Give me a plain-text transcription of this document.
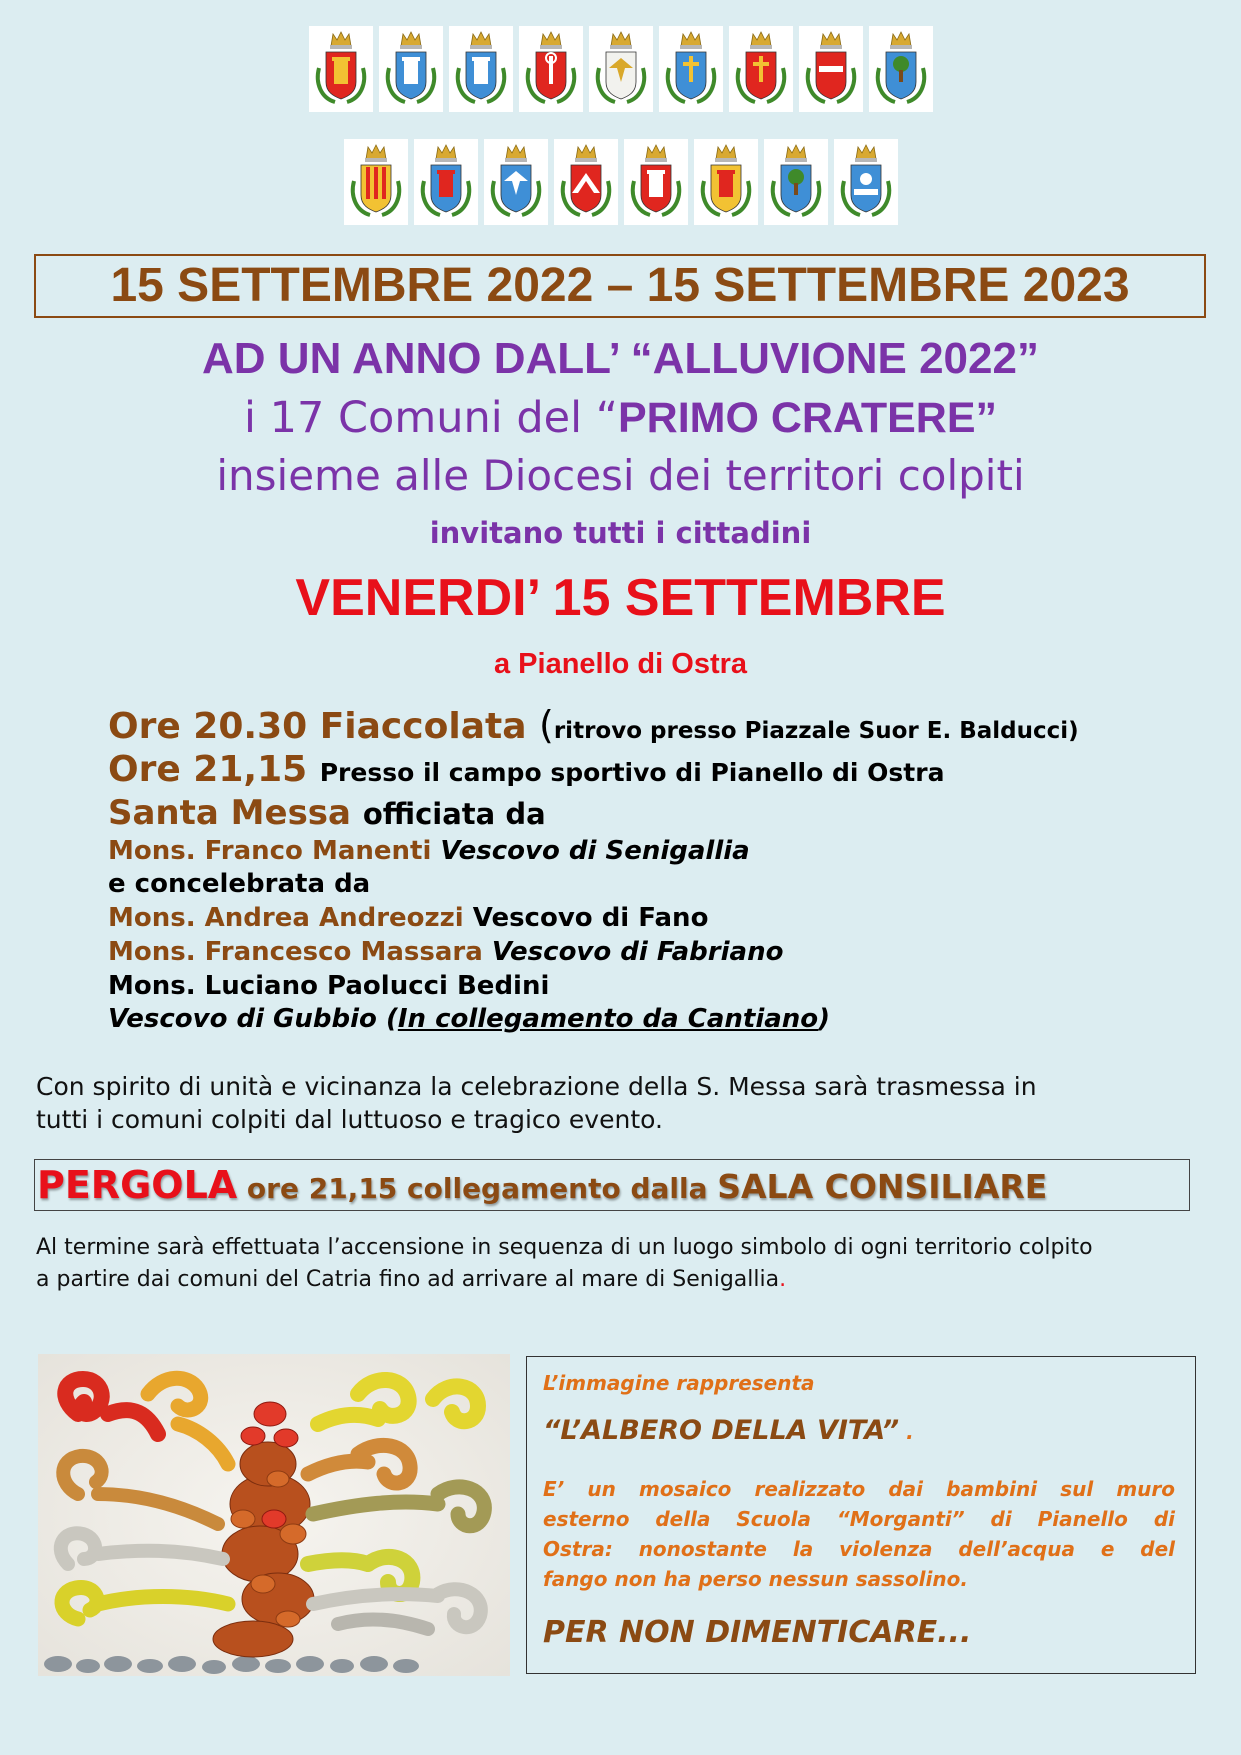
15 SETTEMBRE 2022 – 15 SETTEMBRE 2023
AD UN ANNO DALL’ “ALLUVIONE 2022”
i 17 Comuni del “PRIMO CRATERE”
insieme alle Diocesi dei territori colpiti
invitano tutti i cittadini
VENERDI’ 15 SETTEMBRE
a Pianello di Ostra
Ore 20.30 Fiaccolata (ritrovo presso Piazzale Suor E. Balducci)
Ore 21,15 Presso il campo sportivo di Pianello di Ostra
Santa Messa officiata da
Mons. Franco Manenti Vescovo di Senigallia
e concelebrata da
Mons. Andrea Andreozzi Vescovo di Fano
Mons. Francesco Massara Vescovo di Fabriano
Mons. Luciano Paolucci Bedini
Vescovo di Gubbio (In collegamento da Cantiano)
Con spirito di unità e vicinanza la celebrazione della S. Messa sarà trasmessa in
tutti i comuni colpiti dal luttuoso e tragico evento.
PERGOLA ore 21,15 collegamento dalla SALA CONSILIARE
Al termine sarà effettuata l’accensione in sequenza di un luogo simbolo di ogni territorio colpito
a partire dai comuni del Catria fino ad arrivare al mare di Senigallia.
L’immagine rappresenta
“L’ALBERO DELLA VITA” .
E’ un mosaico realizzato dai bambini sul muro
esterno della Scuola “Morganti” di Pianello di
Ostra: nonostante la violenza dell’acqua e del
fango non ha perso nessun sassolino.
PER NON DIMENTICARE...
